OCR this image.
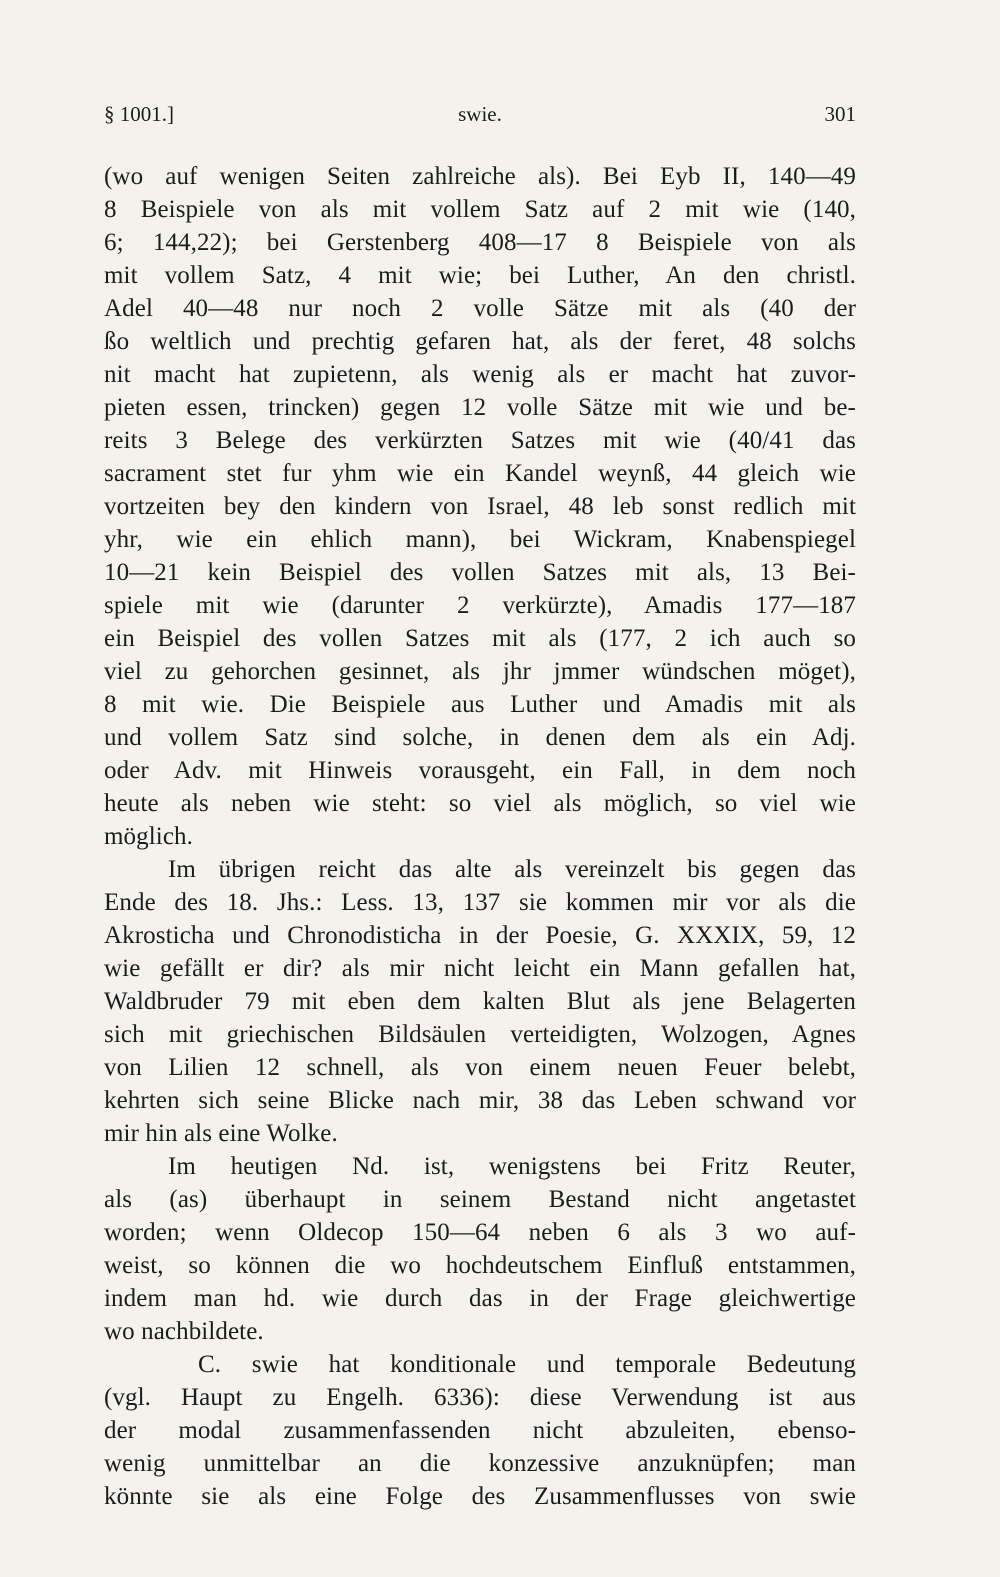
§ 1001.]	swie.	301
(wo auf wenigen Seiten zahlreiche als). Bei Eyb II, 140—49
8 Beispiele von als mit vollem Satz auf 2 mit wie (140,
6; 144,22); bei Gerstenberg 408—17 8 Beispiele von als
mit vollem Satz, 4 mit wie; bei Luther, An den christl.
Adel 40—48 nur noch 2 volle Sätze mit als (40 der
ßo weltlich und prechtig gefaren hat, als der feret, 48 solchs
nit macht hat zupietenn, als wenig als er macht hat zuvor-
pieten essen, trincken) gegen 12 volle Sätze mit wie und be-
reits 3 Belege des verkürzten Satzes mit wie (40/41 das
sacrament stet fur yhm wie ein Kandel weynß, 44 gleich wie
vortzeiten bey den kindern von Israel, 48 leb sonst redlich mit
yhr, wie ein ehlich mann), bei Wickram, Knabenspiegel
10—21 kein Beispiel des vollen Satzes mit als, 13 Bei-
spiele mit wie (darunter 2 verkürzte), Amadis 177—187
ein Beispiel des vollen Satzes mit als (177, 2 ich auch so
viel zu gehorchen gesinnet, als jhr jmmer wündschen möget),
8 mit wie. Die Beispiele aus Luther und Amadis mit als
und vollem Satz sind solche, in denen dem als ein Adj.
oder Adv. mit Hinweis vorausgeht, ein Fall, in dem noch
heute als neben wie steht: so viel als möglich, so viel wie
möglich.
Im übrigen reicht das alte als vereinzelt bis gegen das
Ende des 18. Jhs.: Less. 13, 137 sie kommen mir vor als die
Akrosticha und Chronodisticha in der Poesie, G. XXXIX, 59, 12
wie gefällt er dir? als mir nicht leicht ein Mann gefallen hat,
Waldbruder 79 mit eben dem kalten Blut als jene Belagerten
sich mit griechischen Bildsäulen verteidigten, Wolzogen, Agnes
von Lilien 12 schnell, als von einem neuen Feuer belebt,
kehrten sich seine Blicke nach mir, 38 das Leben schwand vor
mir hin als eine Wolke.
Im heutigen Nd. ist, wenigstens bei Fritz Reuter,
als (as) überhaupt in seinem Bestand nicht angetastet
worden; wenn Oldecop 150—64 neben 6 als 3 wo auf-
weist, so können die wo hochdeutschem Einfluß entstammen,
indem man hd. wie durch das in der Frage gleichwertige
wo nachbildete.
C. swie hat konditionale und temporale Bedeutung
(vgl. Haupt zu Engelh. 6336): diese Verwendung ist aus
der modal zusammenfassenden nicht abzuleiten, ebenso-
wenig unmittelbar an die konzessive anzuknüpfen; man
könnte sie als eine Folge des Zusammenflusses von swie
